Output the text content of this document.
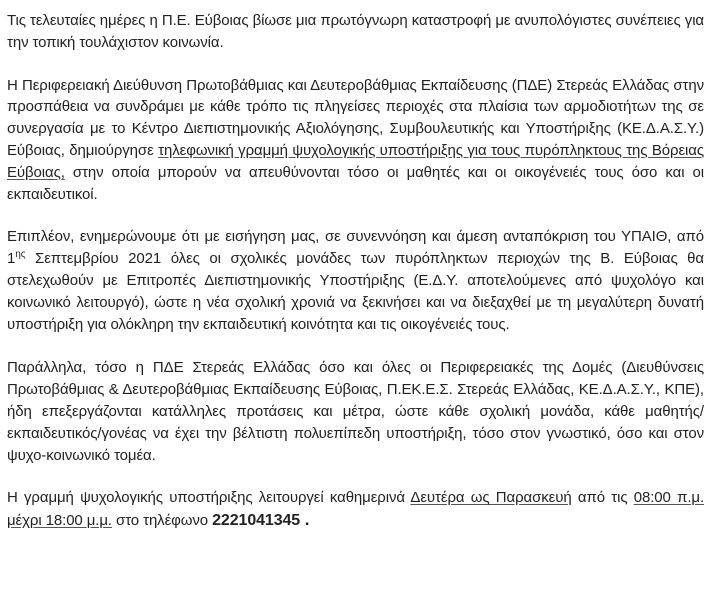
Τις τελευταίες ημέρες η Π.Ε. Εύβοιας βίωσε μια πρωτόγνωρη καταστροφή με ανυπολόγιστες συνέπειες για την τοπική τουλάχιστον κοινωνία.

Η Περιφερειακή Διεύθυνση Πρωτοβάθμιας και Δευτεροβάθμιας Εκπαίδευσης (ΠΔΕ) Στερεάς Ελλάδας στην προσπάθεια να συνδράμει με κάθε τρόπο τις πληγείσες περιοχές στα πλαίσια των αρμοδιοτήτων της σε συνεργασία με το Κέντρο Διεπιστημονικής Αξιολόγησης, Συμβουλευτικής και Υποστήριξης (ΚΕ.Δ.Α.Σ.Υ.) Εύβοιας, δημιούργησε τηλεφωνική γραμμή ψυχολογικής υποστήριξης για τους πυρόπληκτους της Βόρειας Εύβοιας, στην οποία μπορούν να απευθύνονται τόσο οι μαθητές και οι οικογένειές τους όσο και οι εκπαιδευτικοί.

Επιπλέον, ενημερώνουμε ότι με εισήγηση μας, σε συνεννόηση και άμεση ανταπόκριση του ΥΠΑΙΘ, από $1^{\eta\varsigma}$ Σεπτεμβρίου 2021 όλες οι σχολικές μονάδες των πυρόπληκτων περιοχών της Β. Εύβοιας θα στελεχωθούν με Επιτροπές Διεπιστημονικής Υποστήριξης (Ε.Δ.Υ. αποτελούμενες από ψυχολόγο και κοινωνικό λειτουργό), ώστε η νέα σχολική χρονιά να ξεκινήσει και να διεξαχθεί με τη μεγαλύτερη δυνατή υποστήριξη για ολόκληρη την εκπαιδευτική κοινότητα και τις οικογένειές τους.

Παράλληλα, τόσο η ΠΔΕ Στερεάς Ελλάδας όσο και όλες οι Περιφερειακές της Δομές (Διευθύνσεις Πρωτοβάθμιας & Δευτεροβάθμιας Εκπαίδευσης Εύβοιας, Π.ΕΚ.Ε.Σ. Στερεάς Ελλάδας, ΚΕ.Δ.Α.Σ.Υ., ΚΠΕ), ήδη επεξεργάζονται κατάλληλες προτάσεις και μέτρα, ώστε κάθε σχολική μονάδα, κάθε μαθητής/εκπαιδευτικός/γονέας να έχει την βέλτιστη πολυεπίπεδη υποστήριξη, τόσο στον γνωστικό, όσο και στον ψυχο-κοινωνικό τομέα.

Η γραμμή ψυχολογικής υποστήριξης λειτουργεί καθημερινά Δευτέρα ως Παρασκευή από τις 08:00 π.μ. μέχρι 18:00 μ.μ. στο τηλέφωνο 2221041345 .
